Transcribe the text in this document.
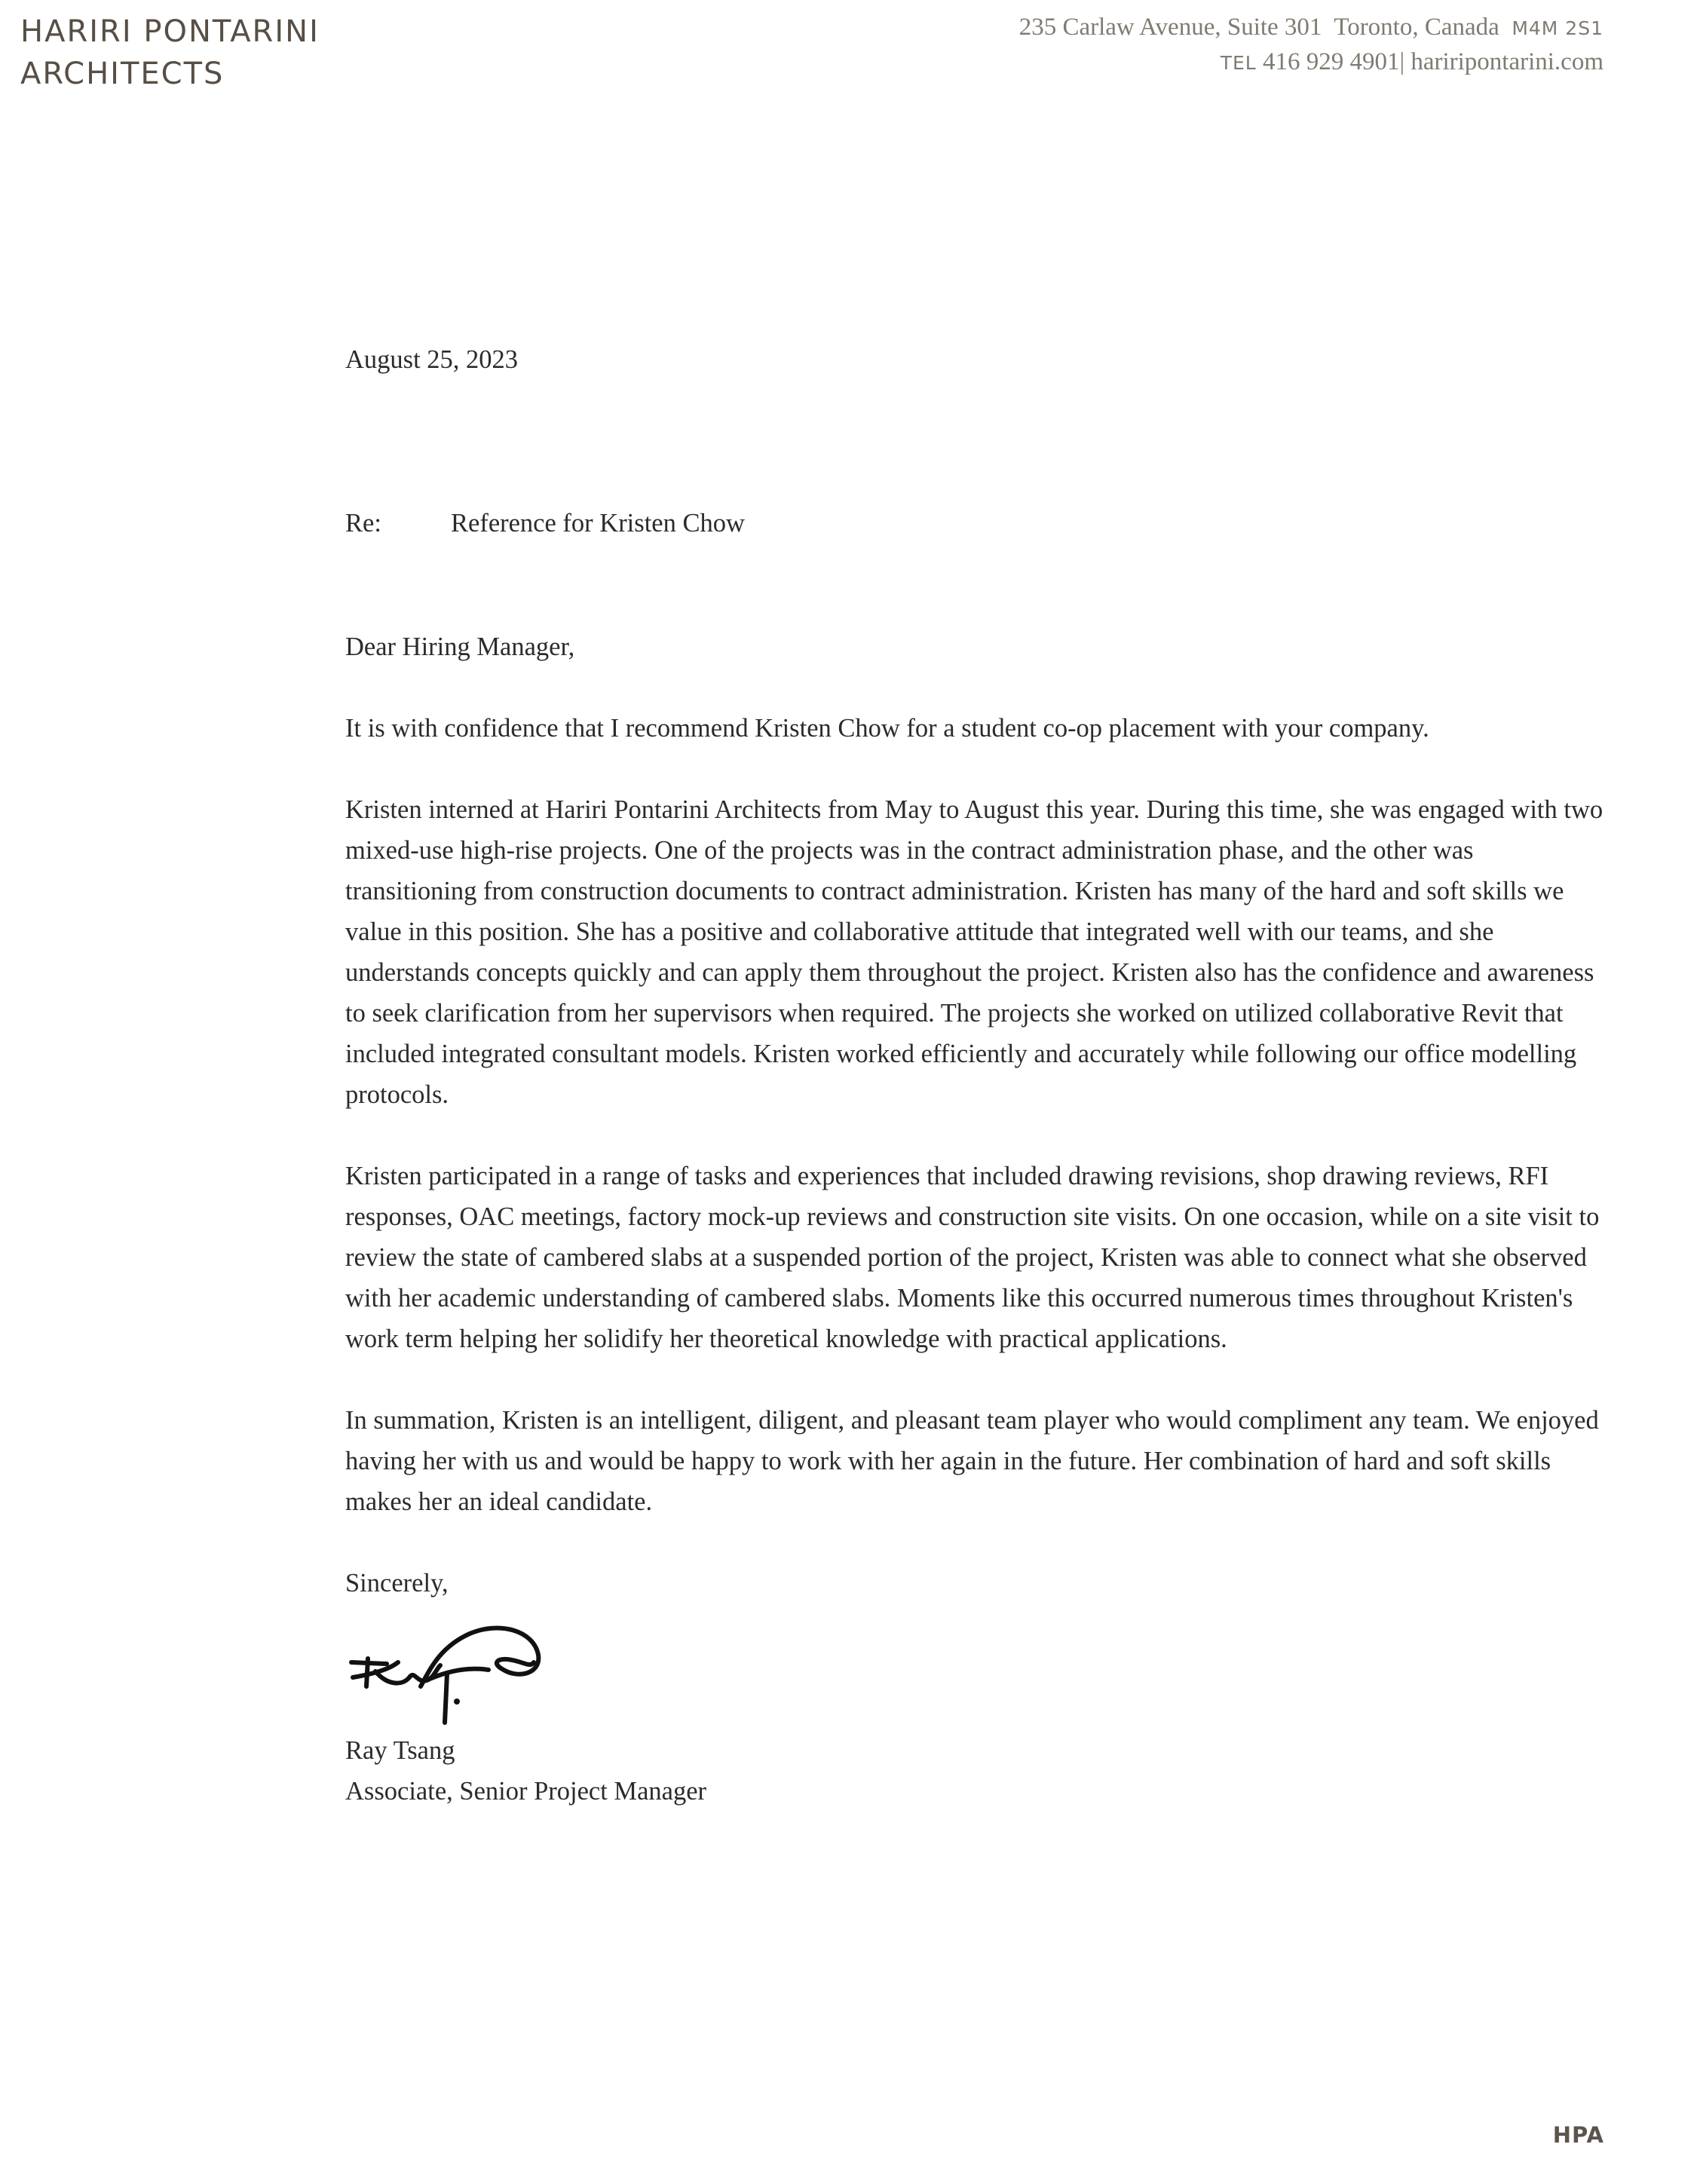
HARIRI PONTARINI
ARCHITECTS
235 Carlaw Avenue, Suite 301 Toronto, Canada M4M 2S1
TEL 416 929 4901| hariripontarini.com

August 25, 2023

Re:	Reference for Kristen Chow

Dear Hiring Manager,

It is with confidence that I recommend Kristen Chow for a student co-op placement with your company.

Kristen interned at Hariri Pontarini Architects from May to August this year. During this time, she was engaged with two mixed-use high-rise projects. One of the projects was in the contract administration phase, and the other was transitioning from construction documents to contract administration. Kristen has many of the hard and soft skills we value in this position. She has a positive and collaborative attitude that integrated well with our teams, and she understands concepts quickly and can apply them throughout the project. Kristen also has the confidence and awareness to seek clarification from her supervisors when required. The projects she worked on utilized collaborative Revit that included integrated consultant models. Kristen worked efficiently and accurately while following our office modelling protocols.

Kristen participated in a range of tasks and experiences that included drawing revisions, shop drawing reviews, RFI responses, OAC meetings, factory mock-up reviews and construction site visits. On one occasion, while on a site visit to review the state of cambered slabs at a suspended portion of the project, Kristen was able to connect what she observed with her academic understanding of cambered slabs. Moments like this occurred numerous times throughout Kristen's work term helping her solidify her theoretical knowledge with practical applications.

In summation, Kristen is an intelligent, diligent, and pleasant team player who would compliment any team. We enjoyed having her with us and would be happy to work with her again in the future. Her combination of hard and soft skills makes her an ideal candidate.

Sincerely,

Ray Tsang

Associate, Senior Project Manager

HPA
